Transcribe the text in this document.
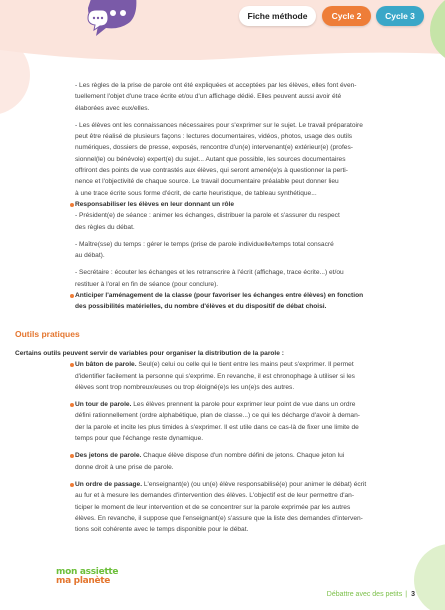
Fiche méthode	Cycle 2	Cycle 3

- Les règles de la prise de parole ont été expliquées et acceptées par les élèves, elles font éven-

tuellement l'objet d'une trace écrite et/ou d'un affichage dédié. Elles peuvent aussi avoir été

élaborées avec eux/elles.

- Les élèves ont les connaissances nécessaires pour s'exprimer sur le sujet. Le travail préparatoire

peut être réalisé de plusieurs façons : lectures documentaires, vidéos, photos, usage des outils

numériques, dossiers de presse, exposés, rencontre d'un(e) intervenant(e) extérieur(e) (profes-

sionnel(le) ou bénévole) expert(e) du sujet... Autant que possible, les sources documentaires

offriront des points de vue contrastés aux élèves, qui seront amené(e)s à questionner la perti-

nence et l'objectivité de chaque source. Le travail documentaire préalable peut donner lieu

à une trace écrite sous forme d'écrit, de carte heuristique, de tableau synthétique...

Responsabiliser les élèves en leur donnant un rôle

- Président(e) de séance : animer les échanges, distribuer la parole et s'assurer du respect

des règles du débat.

- Maître(sse) du temps : gérer le temps (prise de parole individuelle/temps total consacré

au débat).

- Secrétaire : écouter les échanges et les retranscrire à l'écrit (affichage, trace écrite...) et/ou

restituer à l'oral en fin de séance (pour conclure).

Anticiper l'aménagement de la classe (pour favoriser les échanges entre élèves) en fonction

des possibilités matérielles, du nombre d'élèves et du dispositif de débat choisi.

Outils pratiques

Certains outils peuvent servir de variables pour organiser la distribution de la parole :

Un bâton de parole. Seul(e) celui ou celle qui le tient entre les mains peut s'exprimer. Il permet

d'identifier facilement la personne qui s'exprime. En revanche, il est chronophage à utiliser si les

élèves sont trop nombreux/euses ou trop éloigné(e)s les un(e)s des autres.

Un tour de parole. Les élèves prennent la parole pour exprimer leur point de vue dans un ordre

défini rationnellement (ordre alphabétique, plan de classe...) ce qui les décharge d'avoir à deman-

der la parole et incite les plus timides à s'exprimer. Il est utile dans ce cas-là de fixer une limite de

temps pour que l'échange reste dynamique.

Des jetons de parole. Chaque élève dispose d'un nombre défini de jetons. Chaque jeton lui

donne droit à une prise de parole.

Un ordre de passage. L'enseignant(e) (ou un(e) élève responsabilisé(e) pour animer le débat) écrit

au fur et à mesure les demandes d'intervention des élèves. L'objectif est de leur permettre d'an-

ticiper le moment de leur intervention et de se concentrer sur la parole exprimée par les autres

élèves. En revanche, il suppose que l'enseignant(e) s'assure que la liste des demandes d'interven-

tions soit cohérente avec le temps disponible pour le débat.

mon assiette
ma planète
Débattre avec des petits | 3
